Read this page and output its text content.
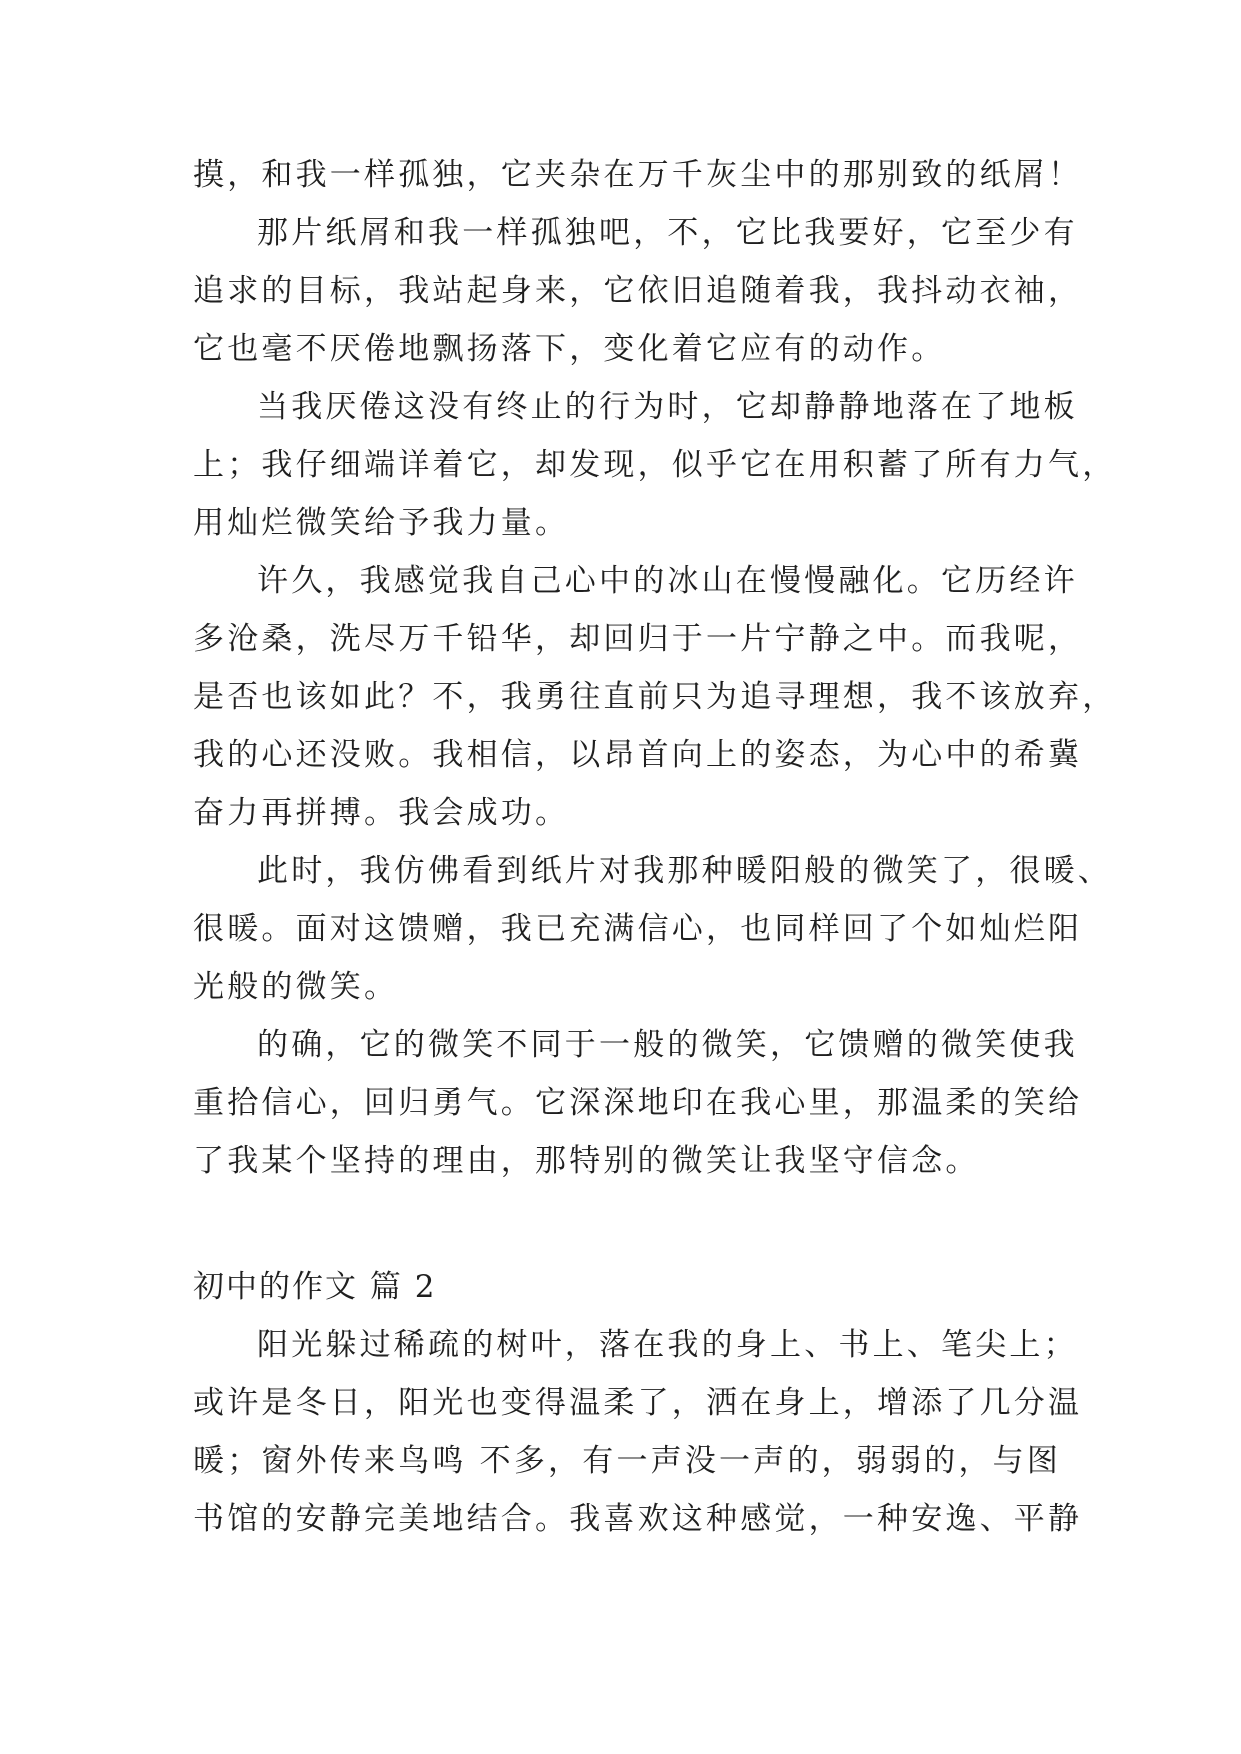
摸，和我一样孤独，它夹杂在万千灰尘中的那别致的纸屑！
那片纸屑和我一样孤独吧，不，它比我要好，它至少有
追求的目标，我站起身来，它依旧追随着我，我抖动衣袖，
它也毫不厌倦地飘扬落下，变化着它应有的动作。
当我厌倦这没有终止的行为时，它却静静地落在了地板
上；我仔细端详着它，却发现，似乎它在用积蓄了所有力气，
用灿烂微笑给予我力量。
许久，我感觉我自己心中的冰山在慢慢融化。它历经许
多沧桑，洗尽万千铅华，却回归于一片宁静之中。而我呢，
是否也该如此？不，我勇往直前只为追寻理想，我不该放弃，
我的心还没败。我相信，以昂首向上的姿态，为心中的希冀
奋力再拼搏。我会成功。
此时，我仿佛看到纸片对我那种暖阳般的微笑了，很暖、
很暖。面对这馈赠，我已充满信心，也同样回了个如灿烂阳
光般的微笑。
的确，它的微笑不同于一般的微笑，它馈赠的微笑使我
重拾信心，回归勇气。它深深地印在我心里，那温柔的笑给
了我某个坚持的理由，那特别的微笑让我坚守信念。
初中的作文 篇 2
阳光躲过稀疏的树叶，落在我的身上、书上、笔尖上；
或许是冬日，阳光也变得温柔了，洒在身上，增添了几分温
暖；窗外传来鸟鸣 不多，有一声没一声的，弱弱的，与图
书馆的安静完美地结合。我喜欢这种感觉，一种安逸、平静
